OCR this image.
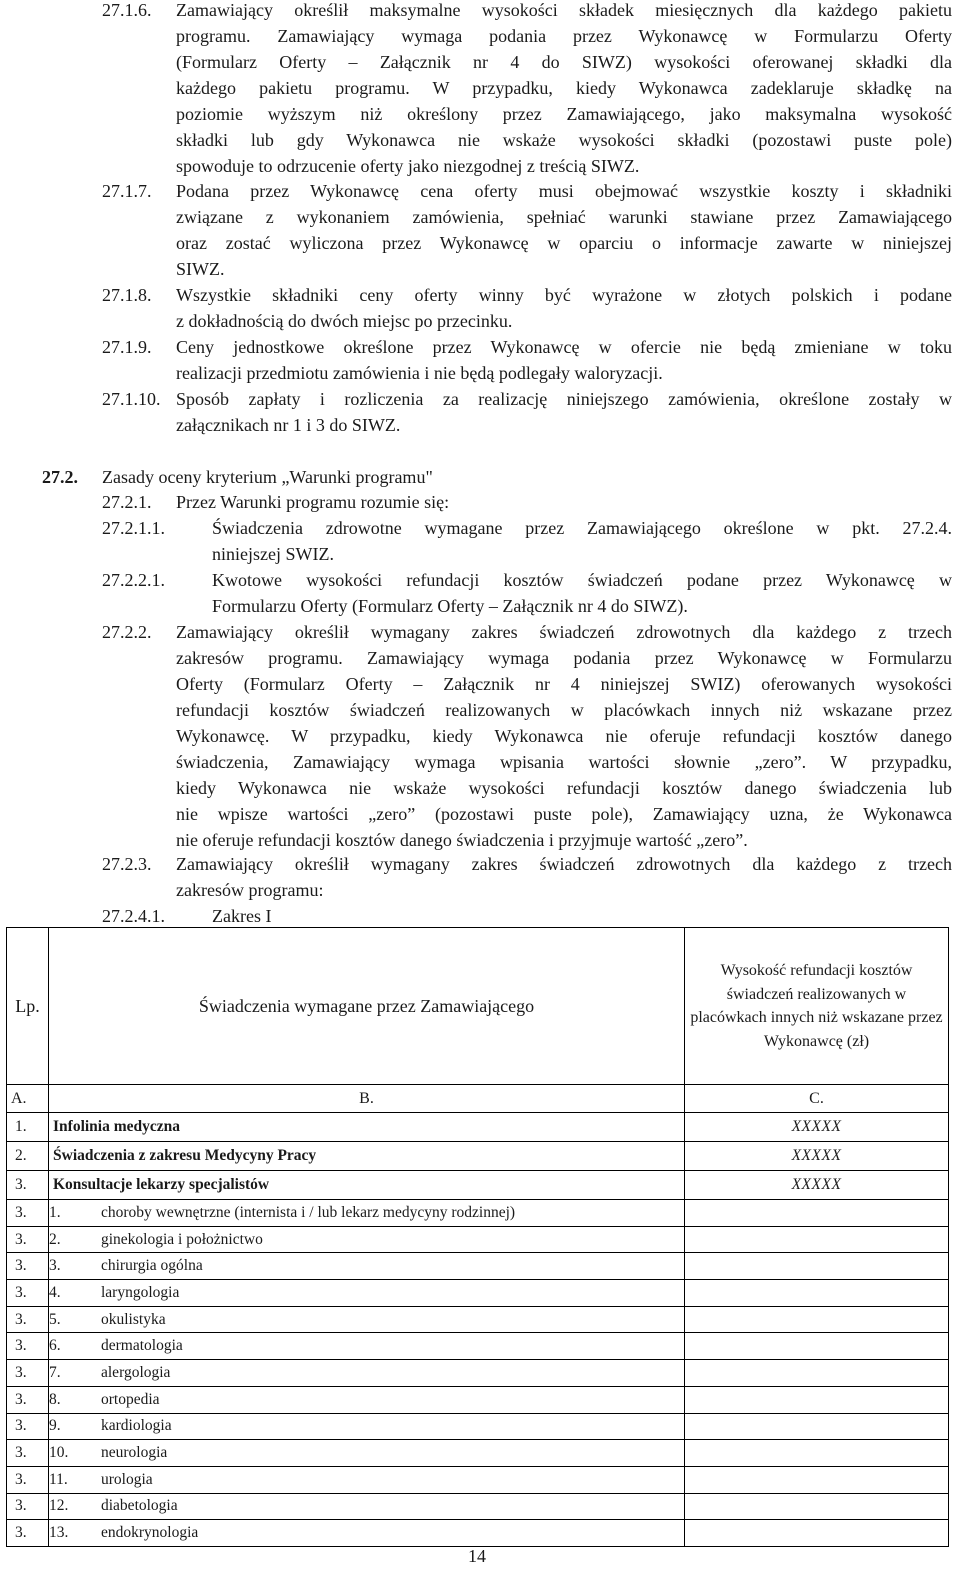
27.1.6. Zamawiający określił maksymalne wysokości składek miesięcznych dla każdego pakietu
programu. Zamawiający wymaga podania przez Wykonawcę w Formularzu Oferty
(Formularz Oferty – Załącznik nr 4 do SIWZ) wysokości oferowanej składki dla
każdego pakietu programu. W przypadku, kiedy Wykonawca zadeklaruje składkę na
poziomie wyższym niż określony przez Zamawiającego, jako maksymalna wysokość
składki lub gdy Wykonawca nie wskaże wysokości składki (pozostawi puste pole)
spowoduje to odrzucenie oferty jako niezgodnej z treścią SIWZ.
27.1.7. Podana przez Wykonawcę cena oferty musi obejmować wszystkie koszty i składniki
związane z wykonaniem zamówienia, spełniać warunki stawiane przez Zamawiającego
oraz zostać wyliczona przez Wykonawcę w oparciu o informacje zawarte w niniejszej
SIWZ.
27.1.8. Wszystkie składniki ceny oferty winny być wyrażone w złotych polskich i podane
z dokładnością do dwóch miejsc po przecinku.
27.1.9. Ceny jednostkowe określone przez Wykonawcę w ofercie nie będą zmieniane w toku
realizacji przedmiotu zamówienia i nie będą podlegały waloryzacji.
27.1.10. Sposób zapłaty i rozliczenia za realizację niniejszego zamówienia, określone zostały w
załącznikach nr 1 i 3 do SIWZ.
27.2. Zasady oceny kryterium „Warunki programu"
27.2.1. Przez Warunki programu rozumie się:
27.2.1.1.	Świadczenia zdrowotne wymagane przez Zamawiającego określone w pkt. 27.2.4.
niniejszej SWIZ.
27.2.2.1.	Kwotowe wysokości refundacji kosztów świadczeń podane przez Wykonawcę w
Formularzu Oferty (Formularz Oferty – Załącznik nr 4 do SIWZ).
27.2.2. Zamawiający określił wymagany zakres świadczeń zdrowotnych dla każdego z trzech
zakresów programu. Zamawiający wymaga podania przez Wykonawcę w Formularzu
Oferty (Formularz Oferty – Załącznik nr 4 niniejszej SWIZ) oferowanych wysokości
refundacji kosztów świadczeń realizowanych w placówkach innych niż wskazane przez
Wykonawcę. W przypadku, kiedy Wykonawca nie oferuje refundacji kosztów danego
świadczenia, Zamawiający wymaga wpisania wartości słownie „zero”. W przypadku,
kiedy Wykonawca nie wskaże wysokości refundacji kosztów danego świadczenia lub
nie wpisze wartości „zero” (pozostawi puste pole), Zamawiający uzna, że Wykonawca
nie oferuje refundacji kosztów danego świadczenia i przyjmuje wartość „zero”.
27.2.3. Zamawiający określił wymagany zakres świadczeń zdrowotnych dla każdego z trzech
zakresów programu:
27.2.4.1.	Zakres I
Lp.	Świadczenia wymagane przez Zamawiającego	Wysokość refundacji kosztów świadczeń realizowanych w placówkach innych niż wskazane przez Wykonawcę (zł)
A.	B.	C.
1.	Infolinia medyczna	XXXXX
2.	Świadczenia z zakresu Medycyny Pracy	XXXXX
3.	Konsultacje lekarzy specjalistów	XXXXX
3.	1. choroby wewnętrzne (internista i / lub lekarz medycyny rodzinnej)	

3.	2. ginekologia i położnictwo	

3.	3. chirurgia ogólna	

3.	4. laryngologia	

3.	5. okulistyka	

3.	6. dermatologia	

3.	7. alergologia	

3.	8. ortopedia	

3.	9. kardiologia	

3.	10. neurologia	

3.	11. urologia	

3.	12. diabetologia	

3.	13. endokrynologia	

14
